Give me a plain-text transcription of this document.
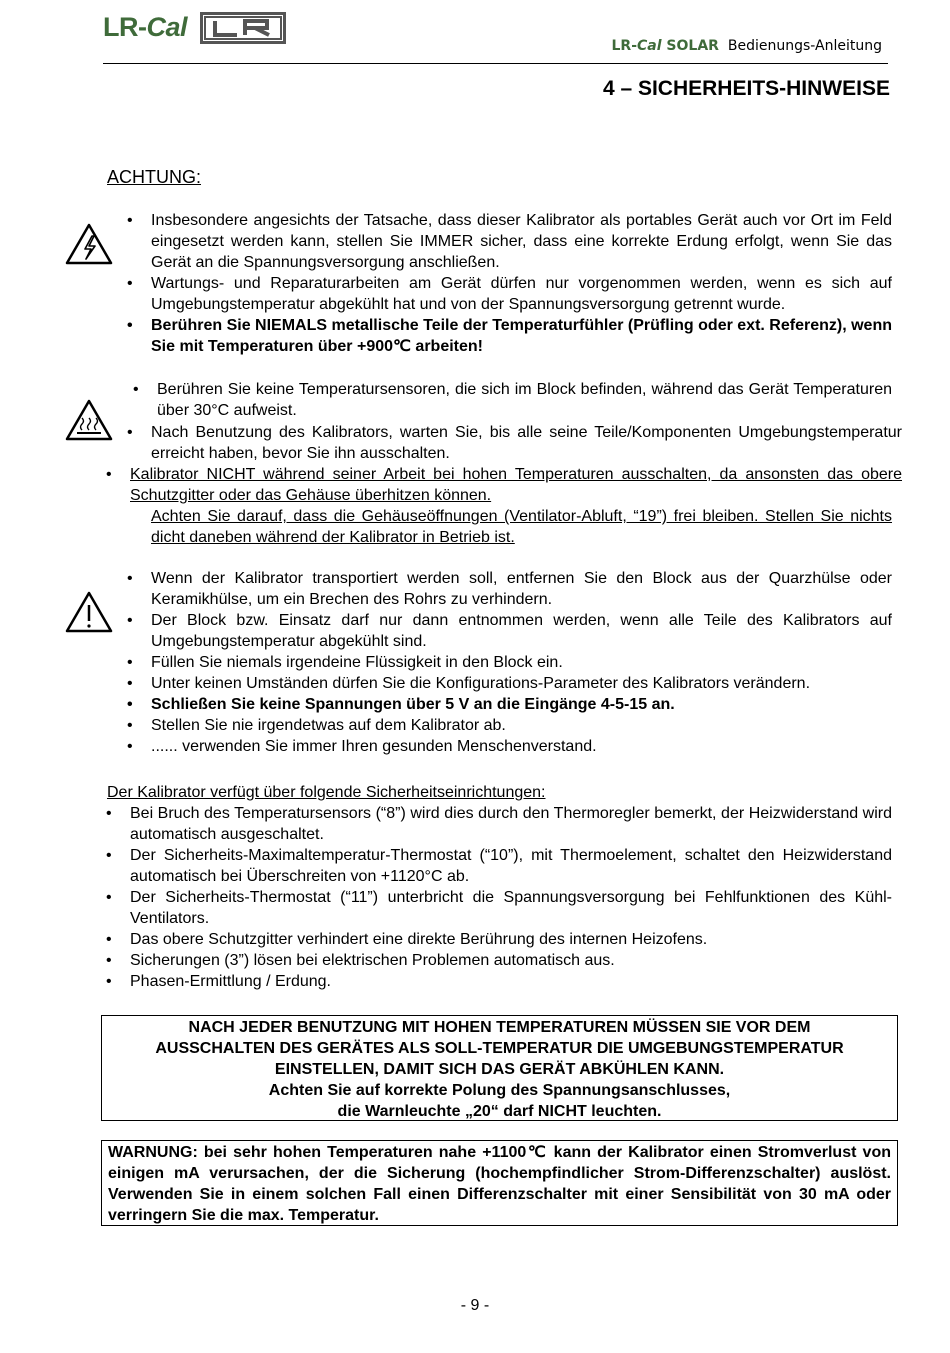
LR-Cal
LR-Cal SOLAR Bedienungs-Anleitung
4 – SICHERHEITS-HINWEISE
ACHTUNG:
• Insbesondere angesichts der Tatsache, dass dieser Kalibrator als portables Gerät auch vor Ort im Feld eingesetzt werden kann, stellen Sie IMMER sicher, dass eine korrekte Erdung erfolgt, wenn Sie das Gerät an die Spannungsversorgung anschließen.
• Wartungs- und Reparaturarbeiten am Gerät dürfen nur vorgenommen werden, wenn es sich auf Umgebungstemperatur abgekühlt hat und von der Spannungsversorgung getrennt wurde.
• Berühren Sie NIEMALS metallische Teile der Temperaturfühler (Prüfling oder ext. Referenz), wenn Sie mit Temperaturen über +900℃ arbeiten!
• Berühren Sie keine Temperatursensoren, die sich im Block befinden, während das Gerät Temperaturen über 30°C aufweist.
• Nach Benutzung des Kalibrators, warten Sie, bis alle seine Teile/Komponenten Umgebungstemperatur erreicht haben, bevor Sie ihn ausschalten.
• Kalibrator NICHT während seiner Arbeit bei hohen Temperaturen ausschalten, da ansonsten das obere Schutzgitter oder das Gehäuse überhitzen können.
Achten Sie darauf, dass die Gehäuseöffnungen (Ventilator-Abluft, “19”) frei bleiben. Stellen Sie nichts dicht daneben während der Kalibrator in Betrieb ist.
• Wenn der Kalibrator transportiert werden soll, entfernen Sie den Block aus der Quarzhülse oder Keramikhülse, um ein Brechen des Rohrs zu verhindern.
• Der Block bzw. Einsatz darf nur dann entnommen werden, wenn alle Teile des Kalibrators auf Umgebungstemperatur abgekühlt sind.
• Füllen Sie niemals irgendeine Flüssigkeit in den Block ein.
• Unter keinen Umständen dürfen Sie die Konfigurations-Parameter des Kalibrators verändern.
• Schließen Sie keine Spannungen über 5 V an die Eingänge 4-5-15 an.
• Stellen Sie nie irgendetwas auf dem Kalibrator ab.
• ...... verwenden Sie immer Ihren gesunden Menschenverstand.
Der Kalibrator verfügt über folgende Sicherheitseinrichtungen:
• Bei Bruch des Temperatursensors (“8”) wird dies durch den Thermoregler bemerkt, der Heizwiderstand wird automatisch ausgeschaltet.
• Der Sicherheits-Maximaltemperatur-Thermostat (“10”), mit Thermoelement, schaltet den Heizwiderstand automatisch bei Überschreiten von +1120°C ab.
• Der Sicherheits-Thermostat (“11”) unterbricht die Spannungsversorgung bei Fehlfunktionen des Kühl-Ventilators.
• Das obere Schutzgitter verhindert eine direkte Berührung des internen Heizofens.
• Sicherungen (3”) lösen bei elektrischen Problemen automatisch aus.
• Phasen-Ermittlung / Erdung.
NACH JEDER BENUTZUNG MIT HOHEN TEMPERATUREN MÜSSEN SIE VOR DEM
AUSSCHALTEN DES GERÄTES ALS SOLL-TEMPERATUR DIE UMGEBUNGSTEMPERATUR
EINSTELLEN, DAMIT SICH DAS GERÄT ABKÜHLEN KANN.
Achten Sie auf korrekte Polung des Spannungsanschlusses,
die Warnleuchte „20“ darf NICHT leuchten.
WARNUNG: bei sehr hohen Temperaturen nahe +1100℃ kann der Kalibrator einen Stromverlust von einigen mA verursachen, der die Sicherung (hochempfindlicher Strom-Differenzschalter) auslöst. Verwenden Sie in einem solchen Fall einen Differenzschalter mit einer Sensibilität von 30 mA oder verringern Sie die max. Temperatur.
- 9 -
